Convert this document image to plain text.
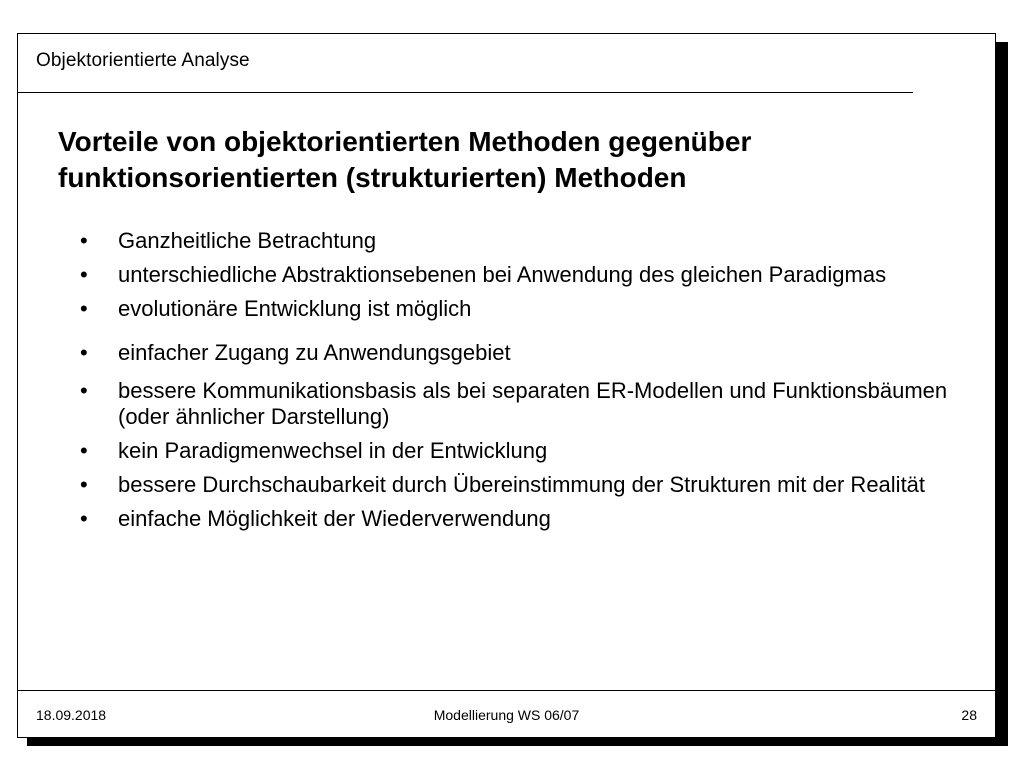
Objektorientierte Analyse
Vorteile von objektorientierten Methoden gegenüber funktionsorientierten (strukturierten) Methoden
• Ganzheitliche Betrachtung
• unterschiedliche Abstraktionsebenen bei Anwendung des gleichen Paradigmas
• evolutionäre Entwicklung ist möglich
• einfacher Zugang zu Anwendungsgebiet
• bessere Kommunikationsbasis als bei separaten ER-Modellen und Funktionsbäumen (oder ähnlicher Darstellung)
• kein Paradigmenwechsel in der Entwicklung
• bessere Durchschaubarkeit durch Übereinstimmung der Strukturen mit der Realität
• einfache Möglichkeit der Wiederverwendung
18.09.2018	Modellierung WS 06/07	28
